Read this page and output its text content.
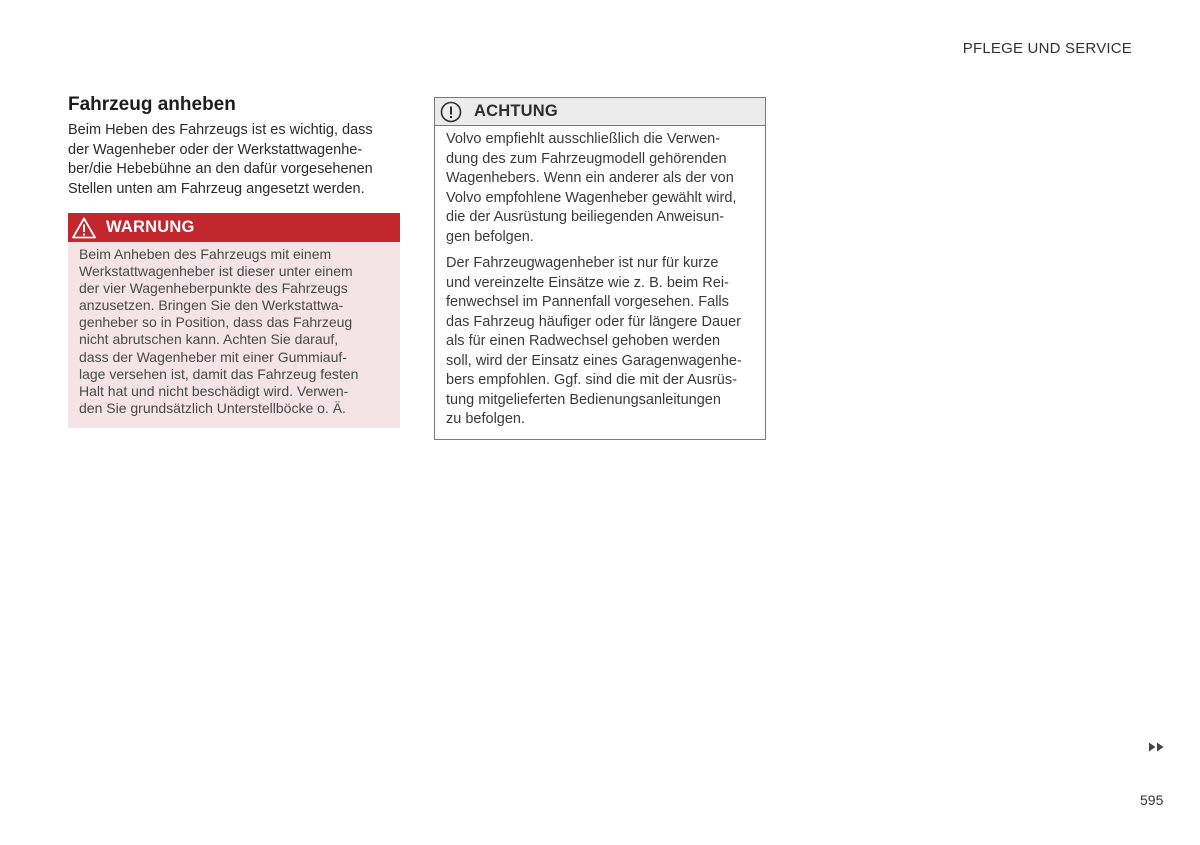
PFLEGE UND SERVICE
Fahrzeug anheben

Beim Heben des Fahrzeugs ist es wichtig, dass
der Wagenheber oder der Werkstattwagenhe-
ber/die Hebebühne an den dafür vorgesehenen
Stellen unten am Fahrzeug angesetzt werden.

WARNUNG
Beim Anheben des Fahrzeugs mit einem
Werkstattwagenheber ist dieser unter einem
der vier Wagenheberpunkte des Fahrzeugs
anzusetzen. Bringen Sie den Werkstattwa-
genheber so in Position, dass das Fahrzeug
nicht abrutschen kann. Achten Sie darauf,
dass der Wagenheber mit einer Gummiauf-
lage versehen ist, damit das Fahrzeug festen
Halt hat und nicht beschädigt wird. Verwen-
den Sie grundsätzlich Unterstellböcke o. Ä.
ACHTUNG

Volvo empfiehlt ausschließlich die Verwen-
dung des zum Fahrzeugmodell gehörenden
Wagenhebers. Wenn ein anderer als der von
Volvo empfohlene Wagenheber gewählt wird,
die der Ausrüstung beiliegenden Anweisun-
gen befolgen.

Der Fahrzeugwagenheber ist nur für kurze
und vereinzelte Einsätze wie z. B. beim Rei-
fenwechsel im Pannenfall vorgesehen. Falls
das Fahrzeug häufiger oder für längere Dauer
als für einen Radwechsel gehoben werden
soll, wird der Einsatz eines Garagenwagenhe-
bers empfohlen. Ggf. sind die mit der Ausrüs-
tung mitgelieferten Bedienungsanleitungen
zu befolgen.

595
